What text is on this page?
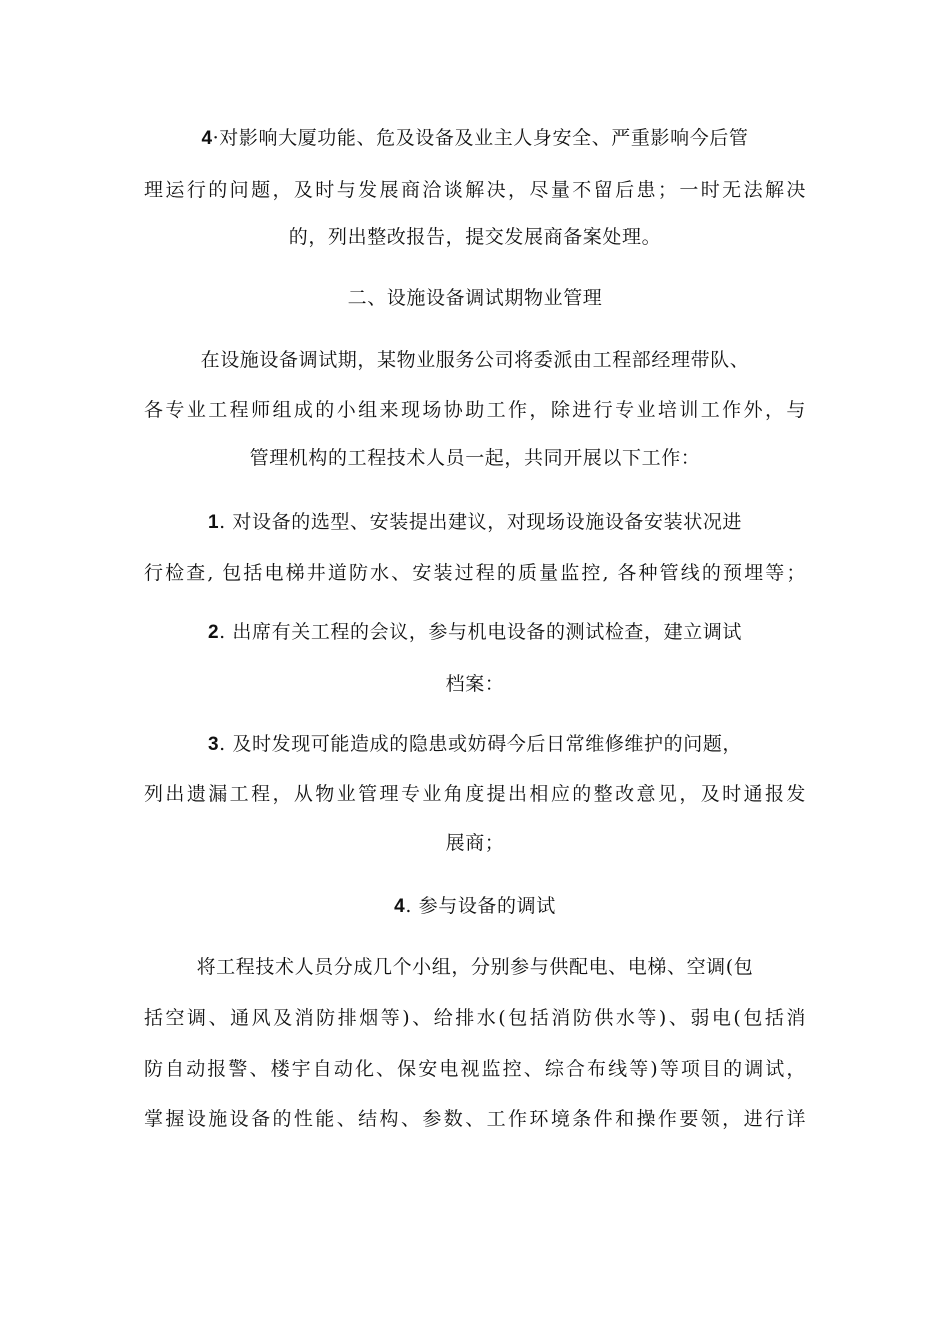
4·对影响大厦功能、危及设备及业主人身安全、严重影响今后管
理运行的问题，及时与发展商洽谈解决，尽量不留后患；一时无法解决
的，列出整改报告，提交发展商备案处理。
二、设施设备调试期物业管理
在设施设备调试期，某物业服务公司将委派由工程部经理带队、
各专业工程师组成的小组来现场协助工作，除进行专业培训工作外，与
管理机构的工程技术人员一起，共同开展以下工作：
1. 对设备的选型、安装提出建议，对现场设施设备安装状况进
行检查, 包括电梯井道防水、安装过程的质量监控, 各种管线的预埋等；
2. 出席有关工程的会议，参与机电设备的测试检查，建立调试
档案：
3. 及时发现可能造成的隐患或妨碍今后日常维修维护的问题，
列出遗漏工程，从物业管理专业角度提出相应的整改意见，及时通报发
展商；
4. 参与设备的调试
将工程技术人员分成几个小组，分别参与供配电、电梯、空调(包
括空调、通风及消防排烟等)、给排水(包括消防供水等)、弱电(包括消
防自动报警、楼宇自动化、保安电视监控、综合布线等)等项目的调试，
掌握设施设备的性能、结构、参数、工作环境条件和操作要领，进行详
